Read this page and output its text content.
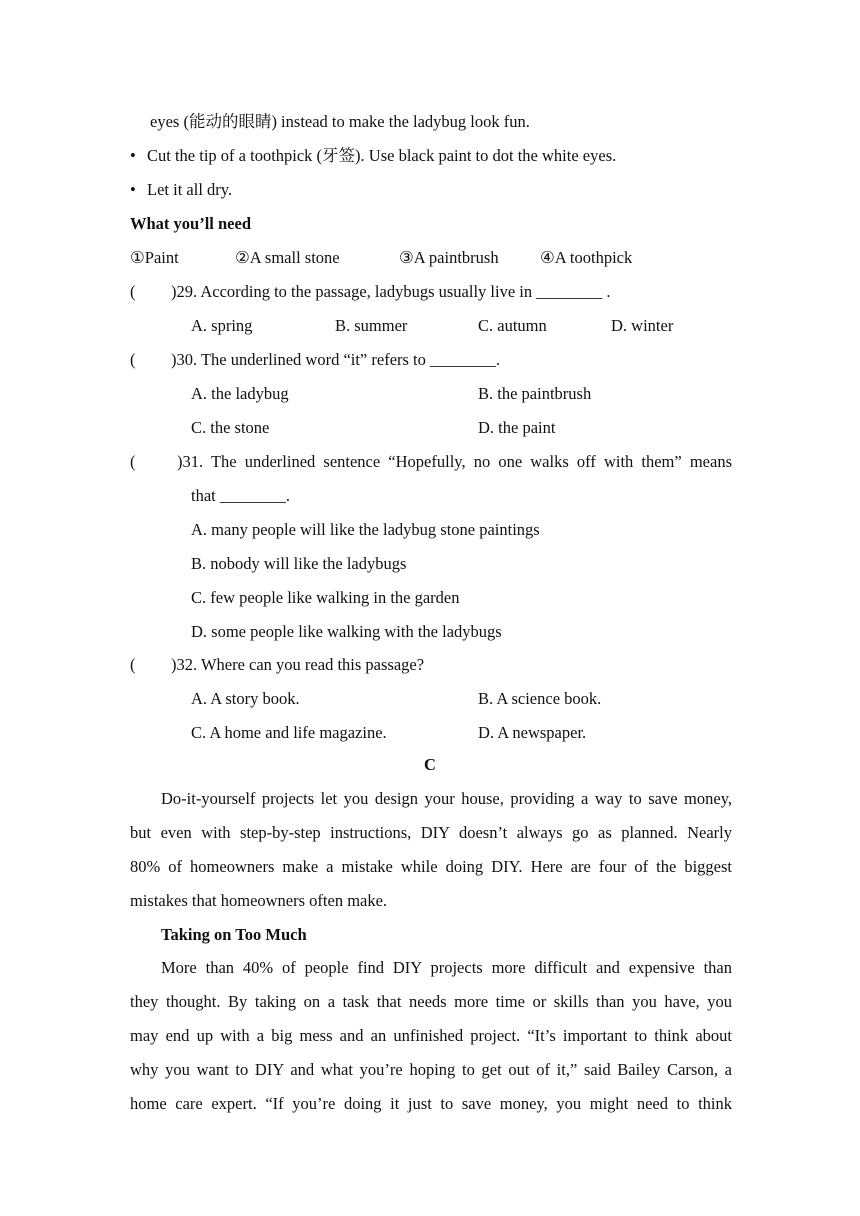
eyes (能动的眼睛) instead to make the ladybug look fun.
• Cut the tip of a toothpick (牙签). Use black paint to dot the white eyes.
• Let it all dry.
What you’ll need
①Paint	②A small stone	③A paintbrush	④A toothpick
( )29. According to the passage, ladybugs usually live in ________ .
A. spring	B. summer	C. autumn	D. winter
( )30. The underlined word “it” refers to ________.
A. the ladybug	B. the paintbrush
C. the stone	D. the paint
(	)31. The underlined sentence “Hopefully, no one walks off with them” means
that ________.
A. many people will like the ladybug stone paintings
B. nobody will like the ladybugs
C. few people like walking in the garden
D. some people like walking with the ladybugs
( )32. Where can you read this passage?
A. A story book.	B. A science book.
C. A home and life magazine.	D. A newspaper.
C
Do-it-yourself projects let you design your house, providing a way to save money,
but even with step-by-step instructions, DIY doesn’t always go as planned. Nearly
80% of homeowners make a mistake while doing DIY. Here are four of the biggest
mistakes that homeowners often make.
Taking on Too Much
More than 40% of people find DIY projects more difficult and expensive than
they thought. By taking on a task that needs more time or skills than you have, you
may end up with a big mess and an unfinished project. “It’s important to think about
why you want to DIY and what you’re hoping to get out of it,” said Bailey Carson, a
home care expert. “If you’re doing it just to save money, you might need to think
